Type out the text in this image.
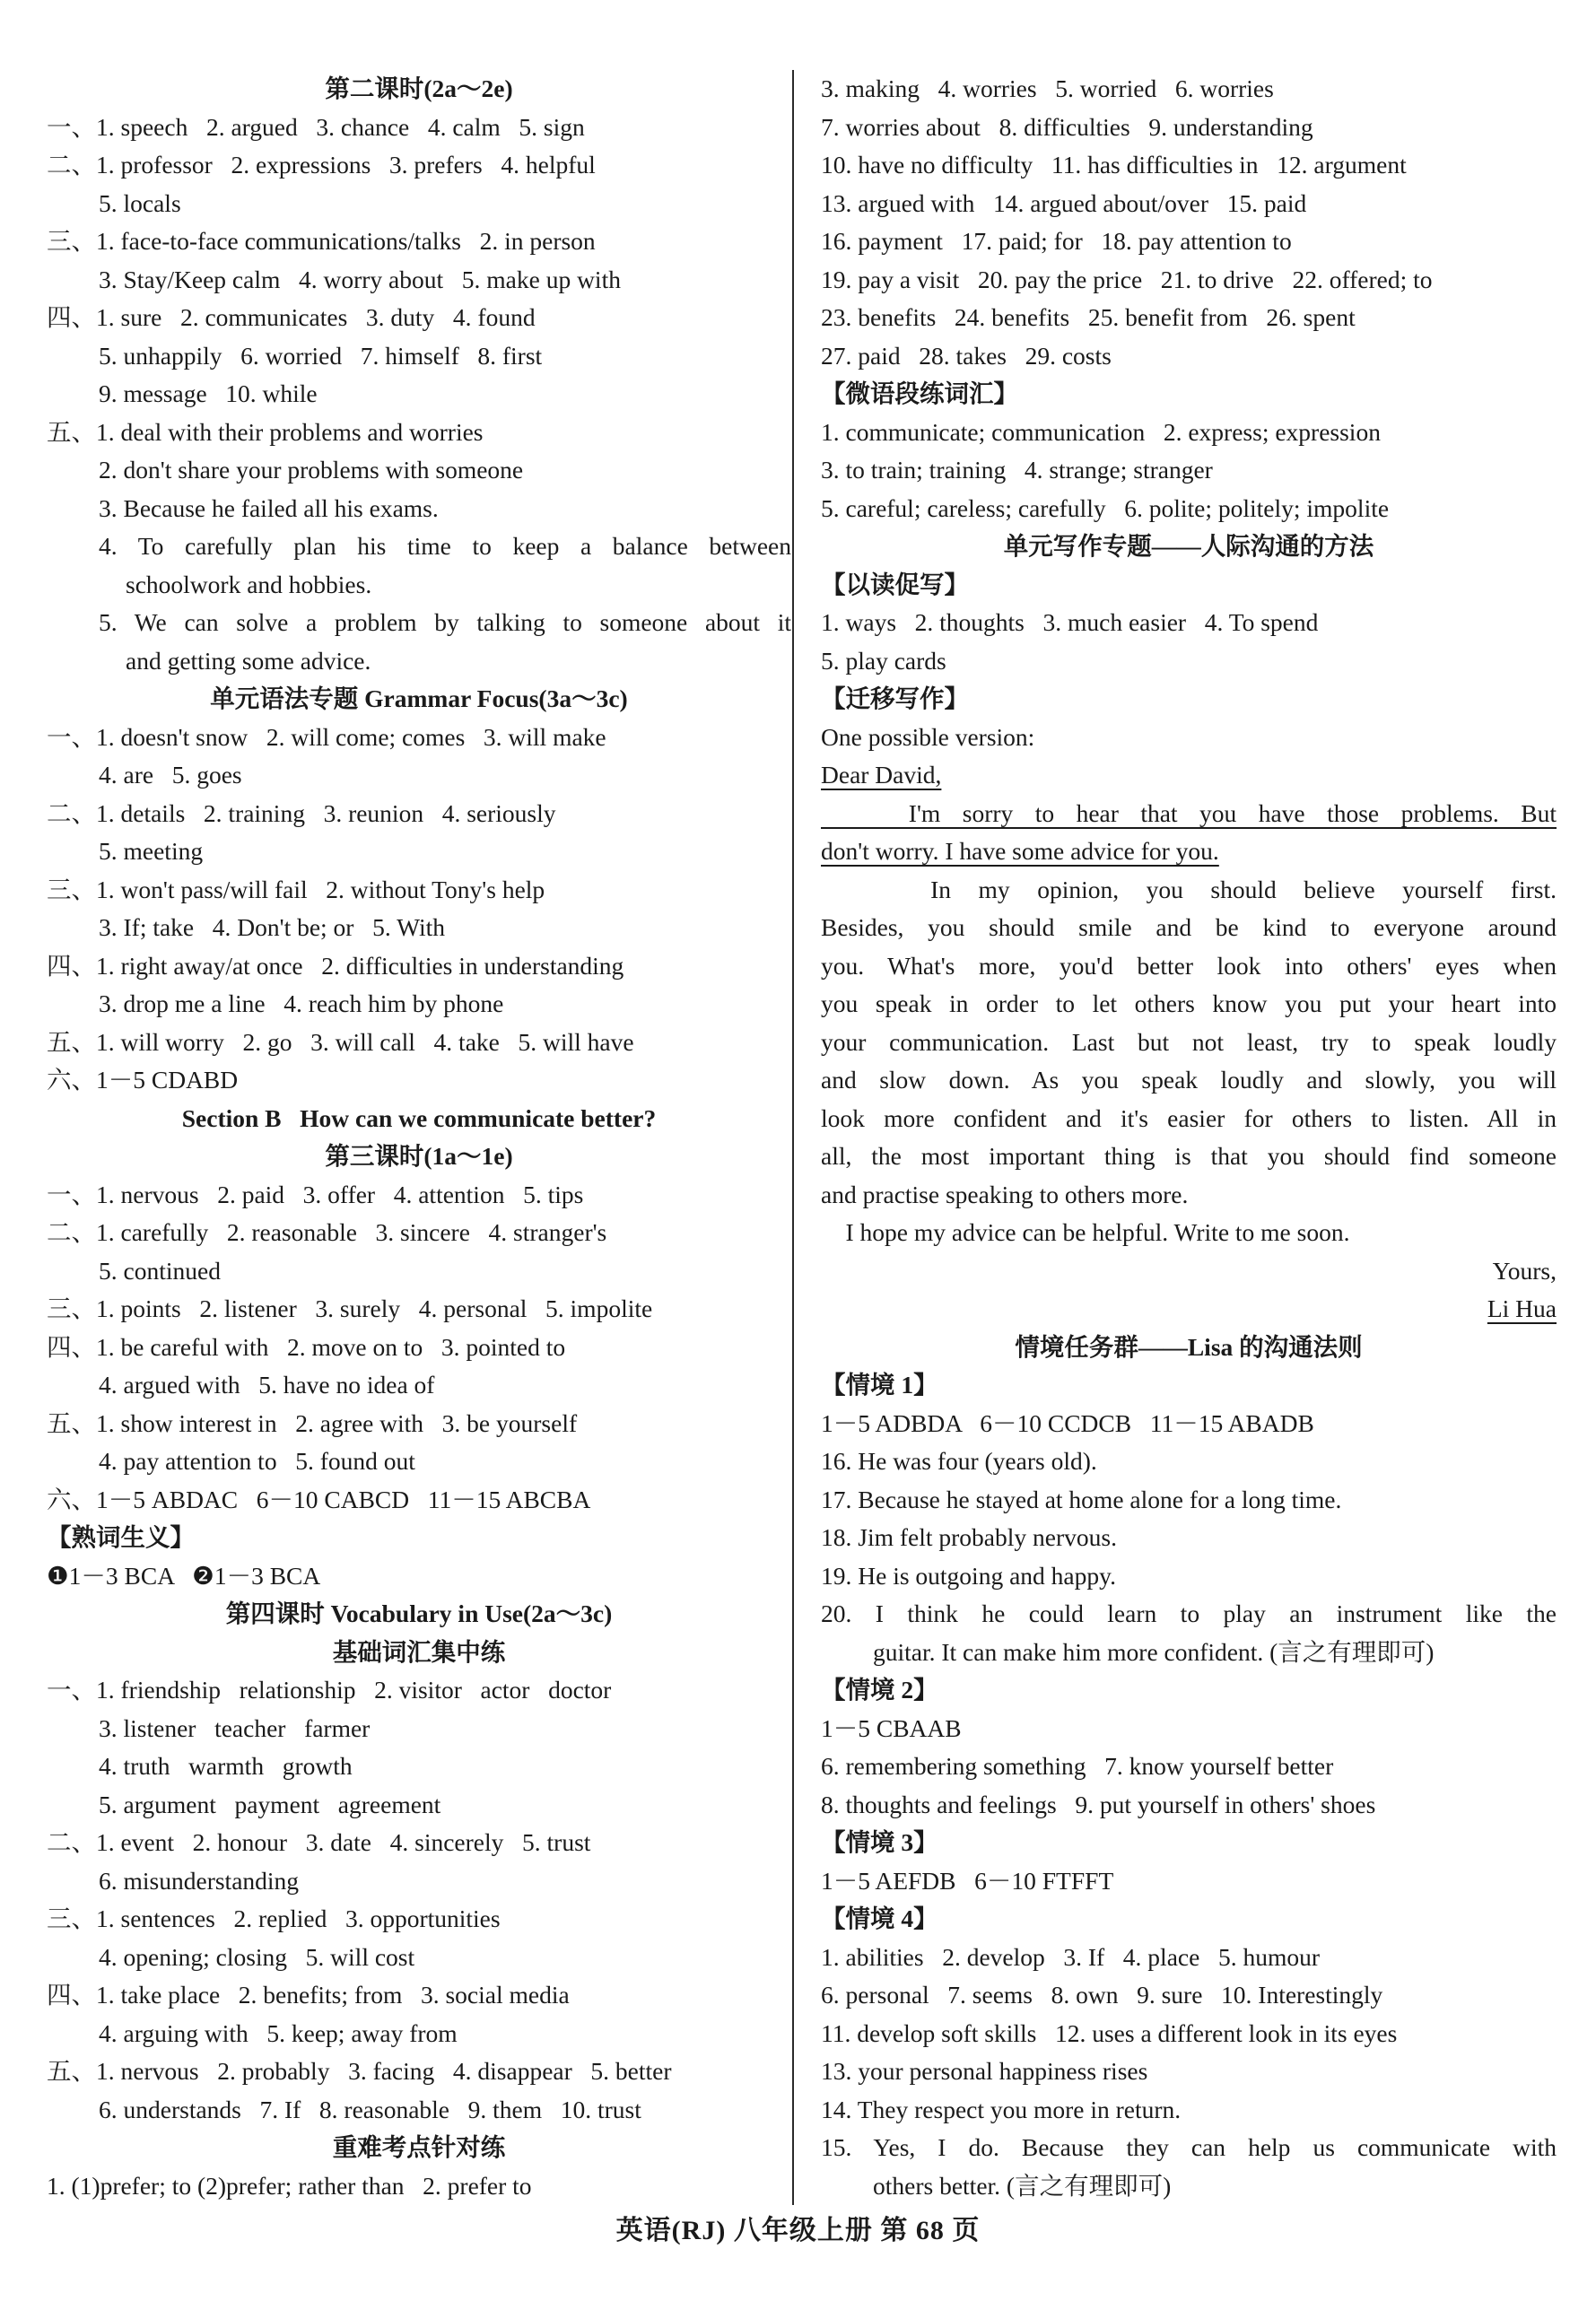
第二课时(2a～2e)
一、1. speech   2. argued   3. chance   4. calm   5. sign
二、1. professor   2. expressions   3. prefers   4. helpful
5. locals
三、1. face-to-face communications/talks   2. in person
3. Stay/Keep calm   4. worry about   5. make up with
四、1. sure   2. communicates   3. duty   4. found
5. unhappily   6. worried   7. himself   8. first
9. message   10. while
五、1. deal with their problems and worries
2. don't share your problems with someone
3. Because he failed all his exams.
4. To carefully plan his time to keep a balance between
schoolwork and hobbies.
5. We can solve a problem by talking to someone about it
and getting some advice.
单元语法专题 Grammar Focus(3a～3c)
一、1. doesn't snow   2. will come; comes   3. will make
4. are   5. goes
二、1. details   2. training   3. reunion   4. seriously
5. meeting
三、1. won't pass/will fail   2. without Tony's help
3. If; take   4. Don't be; or   5. With
四、1. right away/at once   2. difficulties in understanding
3. drop me a line   4. reach him by phone
五、1. will worry   2. go   3. will call   4. take   5. will have
六、1－5 CDABD
Section B   How can we communicate better?
第三课时(1a～1e)
一、1. nervous   2. paid   3. offer   4. attention   5. tips
二、1. carefully   2. reasonable   3. sincere   4. stranger's
5. continued
三、1. points   2. listener   3. surely   4. personal   5. impolite
四、1. be careful with   2. move on to   3. pointed to
4. argued with   5. have no idea of
五、1. show interest in   2. agree with   3. be yourself
4. pay attention to   5. found out
六、1－5 ABDAC   6－10 CABCD   11－15 ABCBA
【熟词生义】
❶1－3 BCA   ❷1－3 BCA
第四课时 Vocabulary in Use(2a～3c)
基础词汇集中练
一、1. friendship   relationship   2. visitor   actor   doctor
3. listener   teacher   farmer
4. truth   warmth   growth
5. argument   payment   agreement
二、1. event   2. honour   3. date   4. sincerely   5. trust
6. misunderstanding
三、1. sentences   2. replied   3. opportunities
4. opening; closing   5. will cost
四、1. take place   2. benefits; from   3. social media
4. arguing with   5. keep; away from
五、1. nervous   2. probably   3. facing   4. disappear   5. better
6. understands   7. If   8. reasonable   9. them   10. trust
重难考点针对练
1. (1)prefer; to (2)prefer; rather than   2. prefer to
3. making   4. worries   5. worried   6. worries
7. worries about   8. difficulties   9. understanding
10. have no difficulty   11. has difficulties in   12. argument
13. argued with   14. argued about/over   15. paid
16. payment   17. paid; for   18. pay attention to
19. pay a visit   20. pay the price   21. to drive   22. offered; to
23. benefits   24. benefits   25. benefit from   26. spent
27. paid   28. takes   29. costs
【微语段练词汇】
1. communicate; communication   2. express; expression
3. to train; training   4. strange; stranger
5. careful; careless; carefully   6. polite; politely; impolite
单元写作专题——人际沟通的方法
【以读促写】
1. ways   2. thoughts   3. much easier   4. To spend
5. play cards
【迁移写作】
One possible version:
Dear David,
I'm sorry to hear that you have those problems. But
don't worry. I have some advice for you.
In my opinion, you should believe yourself first.
Besides, you should smile and be kind to everyone around
you. What's more, you'd better look into others' eyes when
you speak in order to let others know you put your heart into
your communication. Last but not least, try to speak loudly
and slow down. As you speak loudly and slowly, you will
look more confident and it's easier for others to listen. All in
all, the most important thing is that you should find someone
and practise speaking to others more.
I hope my advice can be helpful. Write to me soon.
Yours,
Li Hua
情境任务群——Lisa 的沟通法则
【情境 1】
1－5 ADBDA   6－10 CCDCB   11－15 ABADB
16. He was four (years old).
17. Because he stayed at home alone for a long time.
18. Jim felt probably nervous.
19. He is outgoing and happy.
20. I think he could learn to play an instrument like the
guitar. It can make him more confident. (言之有理即可)
【情境 2】
1－5 CBAAB
6. remembering something   7. know yourself better
8. thoughts and feelings   9. put yourself in others' shoes
【情境 3】
1－5 AEFDB   6－10 FTFFT
【情境 4】
1. abilities   2. develop   3. If   4. place   5. humour
6. personal   7. seems   8. own   9. sure   10. Interestingly
11. develop soft skills   12. uses a different look in its eyes
13. your personal happiness rises
14. They respect you more in return.
15. Yes, I do. Because they can help us communicate with
others better. (言之有理即可)
英语(RJ) 八年级上册 第 68 页
